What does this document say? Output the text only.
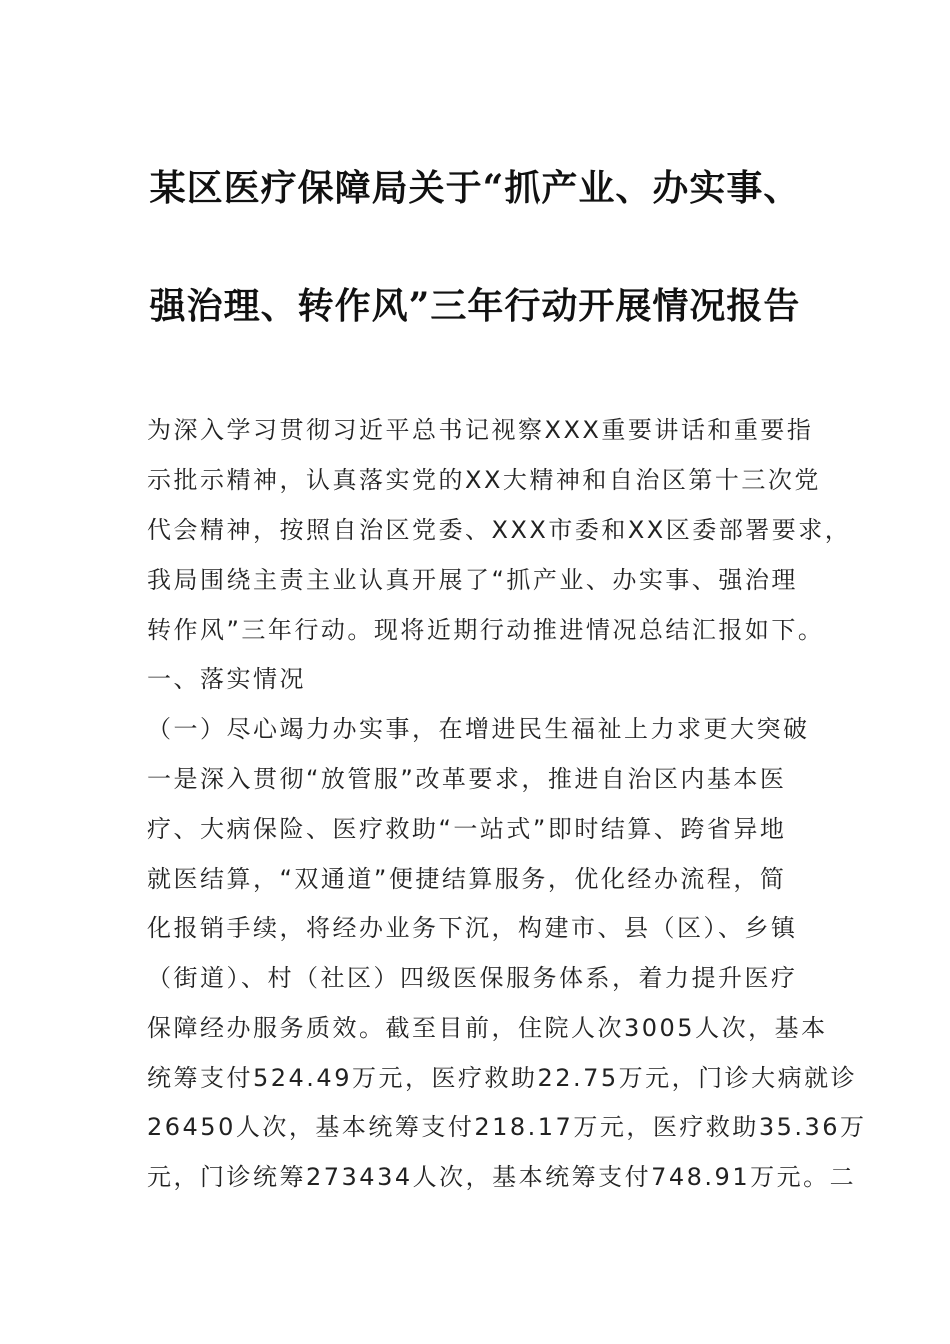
某区医疗保障局关于“抓产业、办实事、
强治理、转作风”三年行动开展情况报告
为深入学习贯彻习近平总书记视察XXX重要讲话和重要指
示批示精神，认真落实党的XX大精神和自治区第十三次党
代会精神，按照自治区党委、XXX市委和XX区委部署要求，
我局围绕主责主业认真开展了“抓产业、办实事、强治理
转作风”三年行动。现将近期行动推进情况总结汇报如下。
一、落实情况
（一）尽心竭力办实事，在增进民生福祉上力求更大突破
一是深入贯彻“放管服”改革要求，推进自治区内基本医
疗、大病保险、医疗救助“一站式”即时结算、跨省异地
就医结算，“双通道”便捷结算服务，优化经办流程，简
化报销手续，将经办业务下沉，构建市、县（区）、乡镇
（街道）、村（社区）四级医保服务体系，着力提升医疗
保障经办服务质效。截至目前，住院人次3005人次，基本
统筹支付524.49万元，医疗救助22.75万元，门诊大病就诊
26450人次，基本统筹支付218.17万元，医疗救助35.36万
元，门诊统筹273434人次，基本统筹支付748.91万元。二
